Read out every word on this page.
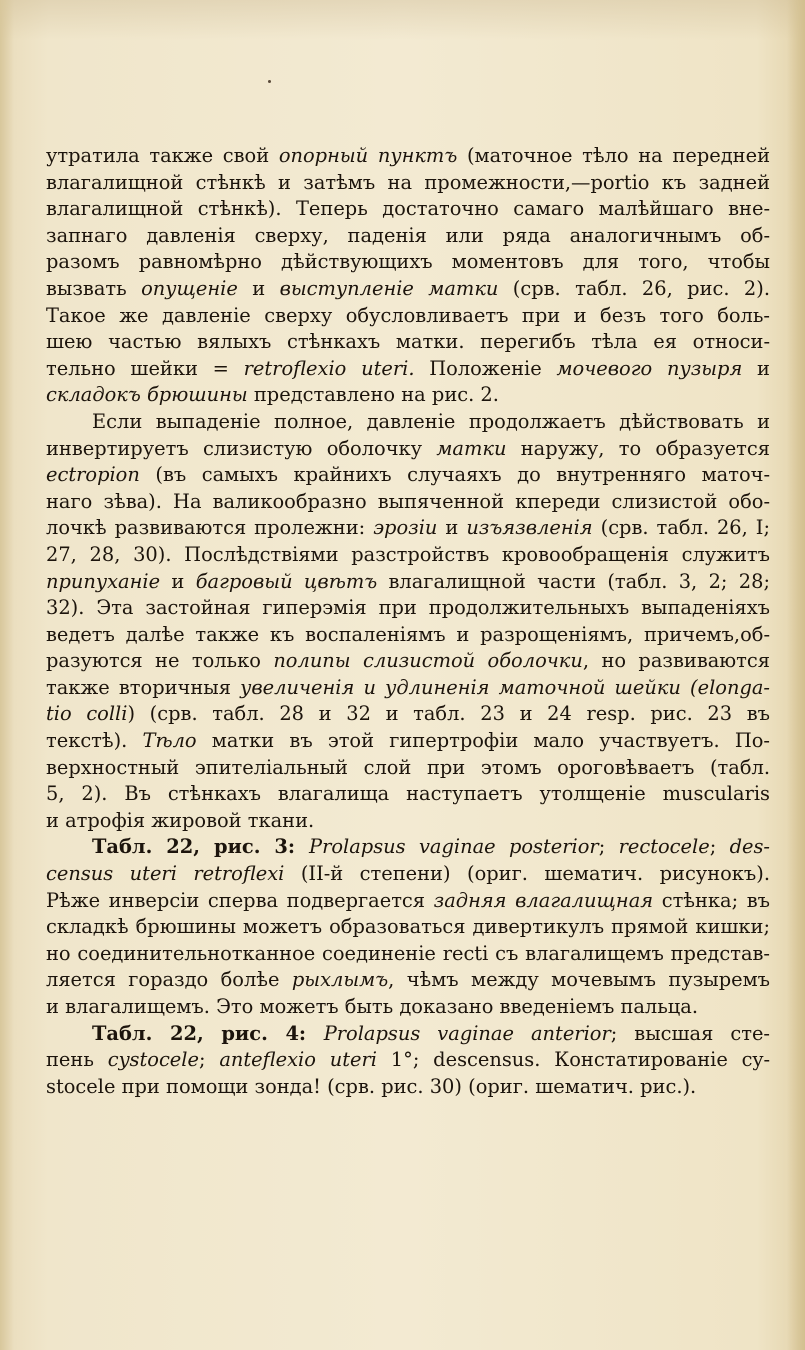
утратила также свой опорный пунктъ (маточное тѣло на передней
влагалищной стѣнкѣ и затѣмъ на промежности,—portio къ задней
влагалищной стѣнкѣ). Теперь достаточно самаго малѣйшаго вне-
запнаго давленія сверху, паденія или ряда аналогичнымъ об-
разомъ равномѣрно дѣйствующихъ моментовъ для того, чтобы
вызвать опущеніе и выступленіе матки (срв. табл. 26, рис. 2).
Такое же давленіе сверху обусловливаетъ при и безъ того боль-
шею частью вялыхъ стѣнкахъ матки. перегибъ тѣла ея относи-
тельно шейки = retroflexio uteri. Положеніе мочевого пузыря и
складокъ брюшины представлено на рис. 2.
Если выпаденіе полное, давленіе продолжаетъ дѣйствовать и
инвертируетъ слизистую оболочку матки наружу, то образуется
ectropion (въ самыхъ крайнихъ случаяхъ до внутренняго маточ-
наго зѣва). На валикообразно выпяченной кпереди слизистой обо-
лочкѣ развиваются пролежни: эрозіи и изъязвленія (срв. табл. 26, I;
27, 28, 30). Послѣдствіями разстройствъ кровообращенія служитъ
припуханіе и багровый цвѣтъ влагалищной части (табл. 3, 2; 28;
32). Эта застойная гиперэмія при продолжительныхъ выпаденіяхъ
ведетъ далѣе также къ воспаленіямъ и разрощеніямъ, причемъ,об-
разуются не только полипы слизистой оболочки, но развиваются
также вторичныя увеличенія и удлиненія маточной шейки (elonga-
tio colli) (срв. табл. 28 и 32 и табл. 23 и 24 resp. рис. 23 въ
текстѣ). Тѣло матки въ этой гипертрофіи мало участвуетъ. По-
верхностный эпителіальный слой при этомъ ороговѣваетъ (табл.
5, 2). Въ стѣнкахъ влагалища наступаетъ утолщеніе musculаris
и атрофія жировой ткани.
Табл. 22, рис. 3: Prolapsus vaginae posterior; rectocele; des-
census uteri retroflexi (II-й степени) (ориг. шематич. рисунокъ).
Рѣже инверсіи сперва подвергается задняя влагалищная стѣнка; въ
складкѣ брюшины можетъ образоваться дивертикулъ прямой кишки;
но соединительнотканное соединеніе recti съ влагалищемъ представ-
ляется гораздо болѣе рыхлымъ, чѣмъ между мочевымъ пузыремъ
и влагалищемъ. Это можетъ быть доказано введеніемъ пальца.
Табл. 22, рис. 4: Prolapsus vaginae anterior; высшая сте-
пень cystocele; anteflexio uteri 1°; descensus. Констатированіе cy-
stocele при помощи зонда! (срв. рис. 30) (ориг. шематич. рис.).
